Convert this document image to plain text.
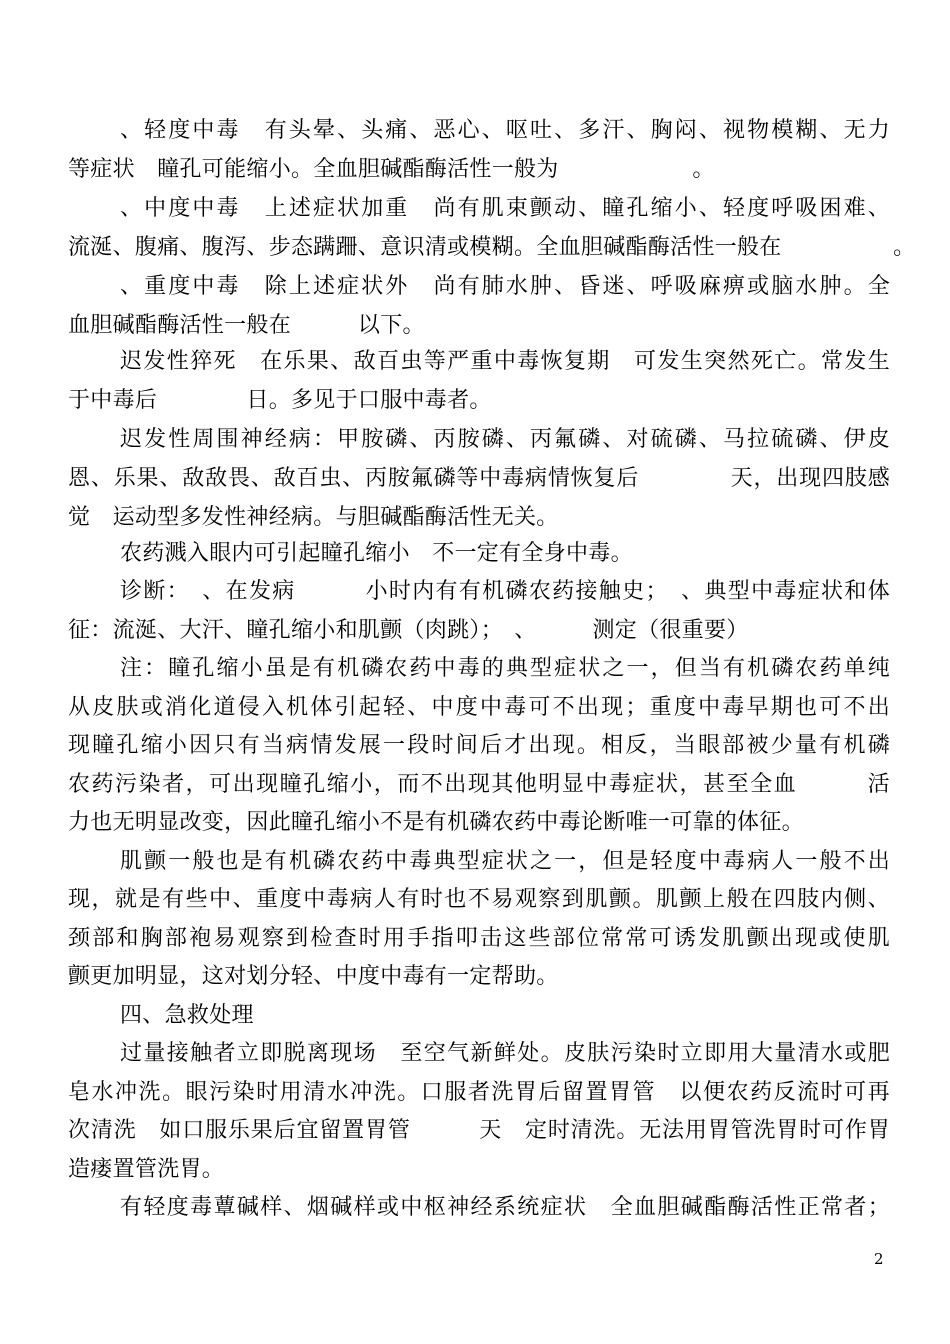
、轻度中毒　有头晕、头痛、恶心、呕吐、多汗、胸闷、视物模糊、无力
等症状　瞳孔可能缩小。全血胆碱酯酶活性一般为　　　　　　。
、中度中毒　上述症状加重　尚有肌束颤动、瞳孔缩小、轻度呼吸困难、
流涎、腹痛、腹泻、步态蹒跚、意识清或模糊。全血胆碱酯酶活性一般在　　　　　。
、重度中毒　除上述症状外　尚有肺水肿、昏迷、呼吸麻痹或脑水肿。全
血胆碱酯酶活性一般在　　　以下。
迟发性猝死　在乐果、敌百虫等严重中毒恢复期　可发生突然死亡。常发生
于中毒后　　　　日。多见于口服中毒者。
迟发性周围神经病：甲胺磷、丙胺磷、丙氟磷、对硫磷、马拉硫磷、伊皮
恩、乐果、敌敌畏、敌百虫、丙胺氟磷等中毒病情恢复后　　　　天，出现四肢感
觉　运动型多发性神经病。与胆碱酯酶活性无关。
农药溅入眼内可引起瞳孔缩小　不一定有全身中毒。
诊断：　、在发病　　　小时内有有机磷农药接触史；　、典型中毒症状和体
征：流涎、大汗、瞳孔缩小和肌颤（肉跳）；　、　　　测定（很重要）
注：瞳孔缩小虽是有机磷农药中毒的典型症状之一，但当有机磷农药单纯
从皮肤或消化道侵入机体引起轻、中度中毒可不出现；重度中毒早期也可不出
现瞳孔缩小因只有当病情发展一段时间后才出现。相反，当眼部被少量有机磷
农药污染者，可出现瞳孔缩小，而不出现其他明显中毒症状，甚至全血　　　活
力也无明显改变，因此瞳孔缩小不是有机磷农药中毒论断唯一可靠的体征。
肌颤一般也是有机磷农药中毒典型症状之一，但是轻度中毒病人一般不出
现，就是有些中、重度中毒病人有时也不易观察到肌颤。肌颤上般在四肢内侧、
颈部和胸部袍易观察到检查时用手指叩击这些部位常常可诱发肌颤出现或使肌
颤更加明显，这对划分轻、中度中毒有一定帮助。
四、急救处理
过量接触者立即脱离现场　至空气新鲜处。皮肤污染时立即用大量清水或肥
皂水冲洗。眼污染时用清水冲洗。口服者洗胃后留置胃管　以便农药反流时可再
次清洗　如口服乐果后宜留置胃管　　　天　定时清洗。无法用胃管洗胃时可作胃
造瘘置管洗胃。
有轻度毒蕈碱样、烟碱样或中枢神经系统症状　全血胆碱酯酶活性正常者；
2
